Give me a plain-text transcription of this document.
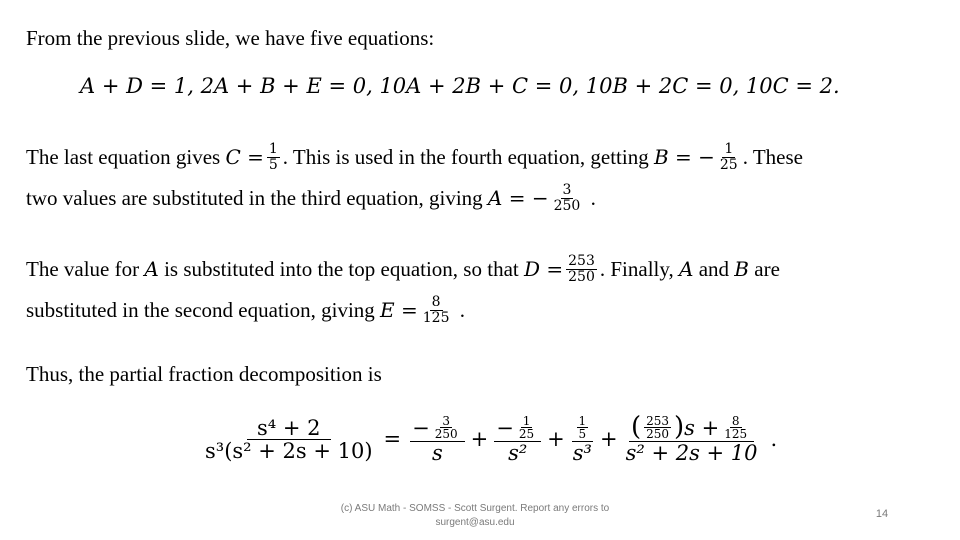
From the previous slide, we have five equations:
A + D = 1, 2A + B + E = 0, 10A + 2B + C = 0, 10B + 2C = 0, 10C = 2.
The last equation gives
$C = \frac{1}{5}$ . This is used in the fourth equation, getting
B = − $\frac{1}{25}$ . These
two values are substituted in the third equation, giving
A = − $\frac{3}{250}$ .
The value for
A
is substituted into the top equation, so that
$D = \frac{253}{250}$ . Finally,
A
and
B
are
substituted in the second equation, giving
$E = \frac{8}{125}$ .
Thus, the partial fraction decomposition is
$\frac{\text{s⁴ + 2}}{\text{s³(s² + 2s + 10)}} = \frac{- \frac{3}{250}}{s} + \frac{- \frac{1}{25}}{\text{s²}} + \frac{\frac{1}{5}}{\text{s³}}$ + ( $\frac{253}{250}$ ) $s + \frac{8}{125}$
s² + 2s + 10
.
(c) ASU Math - SOMSS - Scott Surgent. Report any errors to
surgent@asu.edu
14
